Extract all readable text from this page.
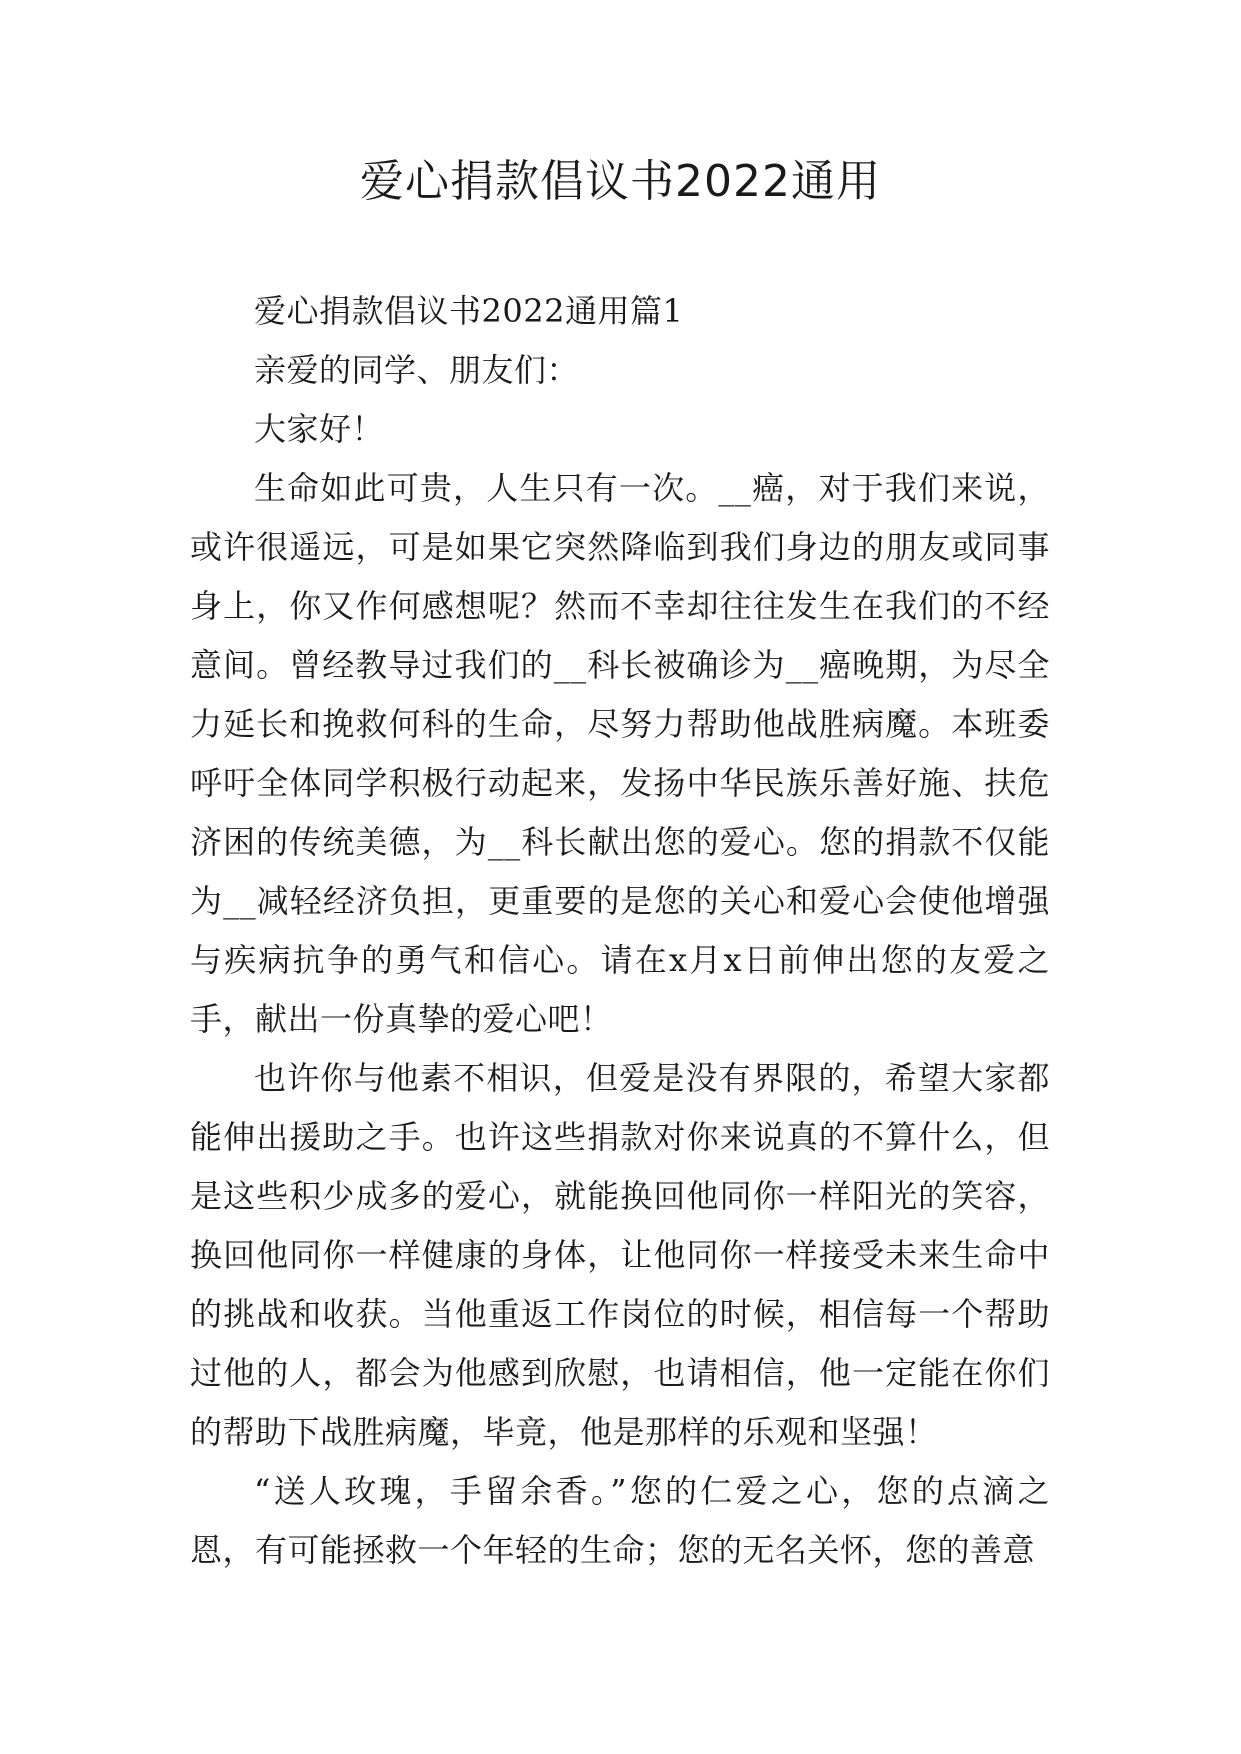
爱心捐款倡议书2022通用

爱心捐款倡议书2022通用篇1

亲爱的同学、朋友们：

大家好！

生命如此可贵，人生只有一次。__癌，对于我们来说，或许很遥远，可是如果它突然降临到我们身边的朋友或同事身上，你又作何感想呢？然而不幸却往往发生在我们的不经意间。曾经教导过我们的__科长被确诊为__癌晚期，为尽全力延长和挽救何科的生命，尽努力帮助他战胜病魔。本班委呼吁全体同学积极行动起来，发扬中华民族乐善好施、扶危济困的传统美德，为__科长献出您的爱心。您的捐款不仅能为__减轻经济负担，更重要的是您的关心和爱心会使他增强与疾病抗争的勇气和信心。请在x月x日前伸出您的友爱之手，献出一份真挚的爱心吧！

也许你与他素不相识，但爱是没有界限的，希望大家都能伸出援助之手。也许这些捐款对你来说真的不算什么，但是这些积少成多的爱心，就能换回他同你一样阳光的笑容，换回他同你一样健康的身体，让他同你一样接受未来生命中的挑战和收获。当他重返工作岗位的时候，相信每一个帮助过他的人，都会为他感到欣慰，也请相信，他一定能在你们的帮助下战胜病魔，毕竟，他是那样的乐观和坚强！

“送人玫瑰，手留余香。”您的仁爱之心，您的点滴之恩，有可能拯救一个年轻的生命；您的无名关怀，您的善意
